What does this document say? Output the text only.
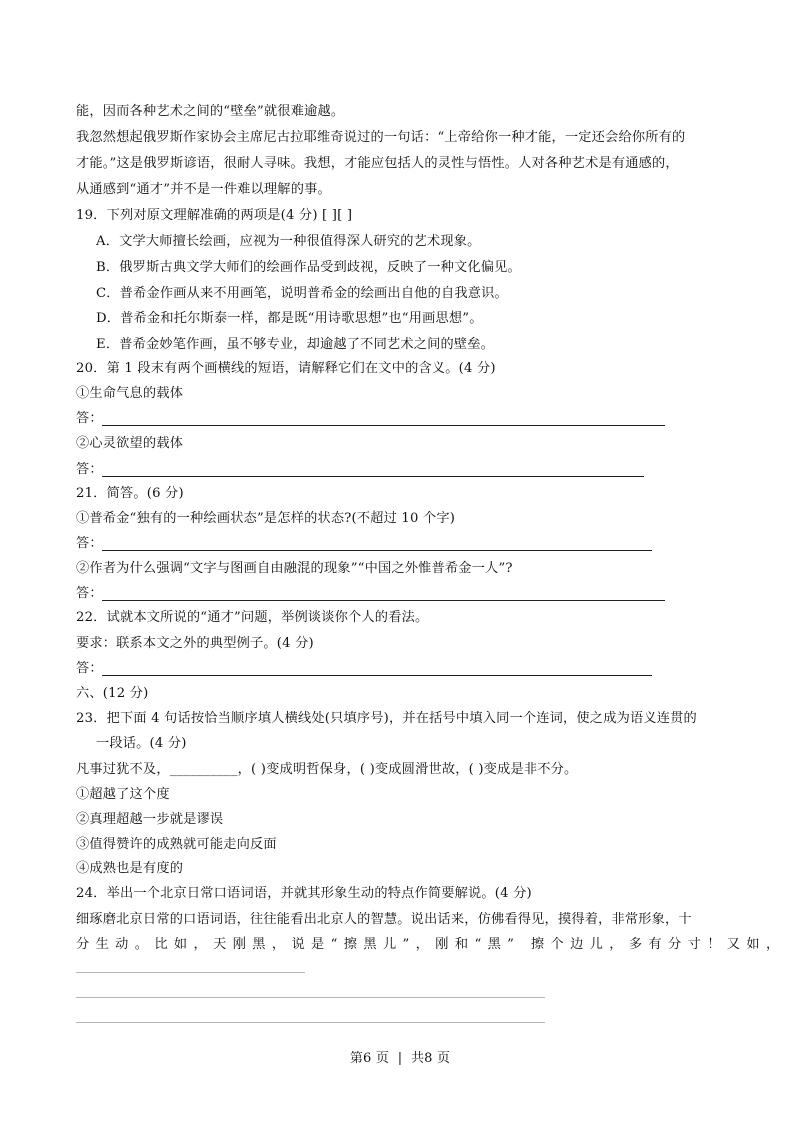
能，因而各种艺术之间的“壁垒”就很难逾越。
我忽然想起俄罗斯作家协会主席尼古拉耶维奇说过的一句话：“上帝给你一种才能，一定还会给你所有的
才能。”这是俄罗斯谚语，很耐人寻味。我想，才能应包括人的灵性与悟性。人对各种艺术是有通感的，
从通感到“通才”并不是一件难以理解的事。
19．下列对原文理解准确的两项是(4 分) [ ][ ]
A．文学大师擅长绘画，应视为一种很值得深人研究的艺术现象。
B．俄罗斯古典文学大师们的绘画作品受到歧视，反映了一种文化偏见。
C．普希金作画从来不用画笔，说明普希金的绘画出自他的自我意识。
D．普希金和托尔斯泰一样，都是既“用诗歌思想”也“用画思想”。
E．普希金妙笔作画，虽不够专业，却逾越了不同艺术之间的壁垒。
20．第 1 段末有两个画横线的短语，请解释它们在文中的含义。(4 分)
①生命气息的载体
答：
②心灵欲望的载体
答：
21．简答。(6 分)
①普希金“独有的一种绘画状态”是怎样的状态?(不超过 10 个字)
答：
②作者为什么强调“文字与图画自由融混的现象”“中国之外惟普希金一人”?
答：
22．试就本文所说的“通才”问题，举例谈谈你个人的看法。
要求：联系本文之外的典型例子。(4 分)
答：
六、(12 分)
23．把下面 4 句话按恰当顺序填人横线处(只填序号)，并在括号中填入同一个连词，使之成为语义连贯的
一段话。(4 分)
凡事过犹不及，__________，( )变成明哲保身，( )变成圆滑世故，( )变成是非不分。
①超越了这个度
②真理超越一步就是谬误
③值得赞许的成熟就可能走向反面
④成熟也是有度的
24．举出一个北京日常口语词语，并就其形象生动的特点作简要解说。(4 分)
细琢磨北京日常的口语词语，往往能看出北京人的智慧。说出话来，仿佛看得见，摸得着，非常形象，十
分生动。比如，天刚黑，说是“擦黑儿”，刚和“黑” 擦个边儿，多有分寸！又如，
第6 页  |  共8 页
